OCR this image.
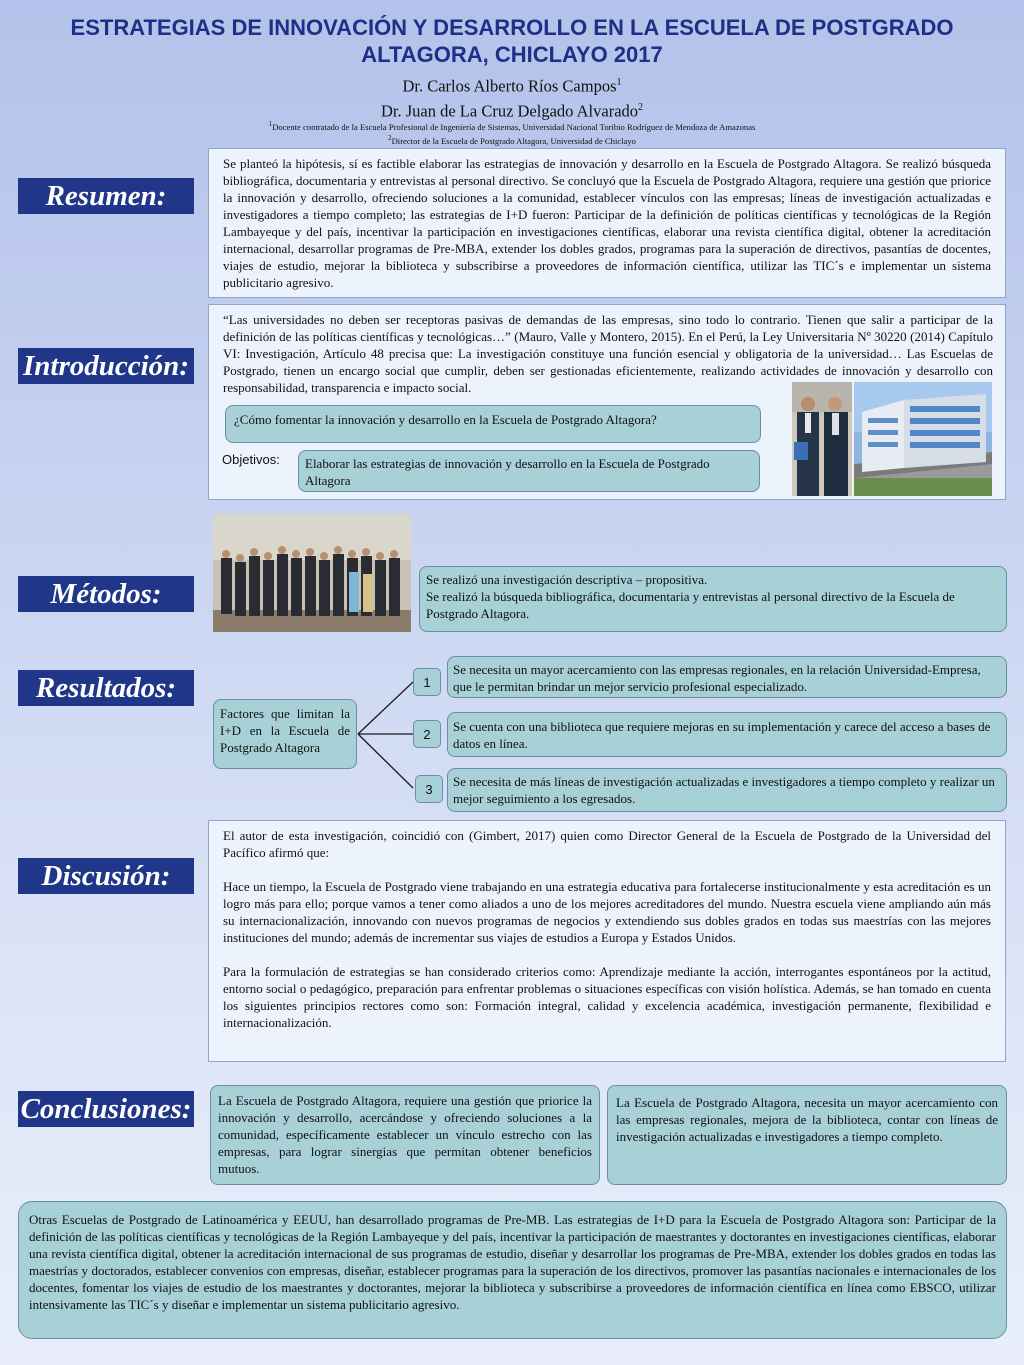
ESTRATEGIAS DE INNOVACIÓN Y DESARROLLO EN LA ESCUELA DE POSTGRADO ALTAGORA, CHICLAYO 2017
Dr. Carlos Alberto Ríos Campos$^1$
Dr. Juan de La Cruz Delgado Alvarado$^2$
$^1$Docente contratado de la Escuela Profesional de Ingeniería de Sistemas, Universidad Nacional Toribio Rodríguez de Mendoza de Amazonas
$^2$Director de la Escuela de Postgrado Altagora, Universidad de Chiclayo
Resumen:
Se planteó la hipótesis, sí es factible elaborar las estrategias de innovación y desarrollo en la Escuela de Postgrado Altagora. Se realizó búsqueda bibliográfica, documentaria y entrevistas al personal directivo. Se concluyó que la Escuela de Postgrado Altagora, requiere una gestión que priorice la innovación y desarrollo, ofreciendo soluciones a la comunidad, establecer vínculos con las empresas; líneas de investigación actualizadas e investigadores a tiempo completo; las estrategias de I+D fueron: Participar de la definición de políticas científicas y tecnológicas de la Región Lambayeque y del país, incentivar la participación en investigaciones científicas, elaborar una revista científica digital, obtener la acreditación internacional, desarrollar programas de Pre-MBA, extender los dobles grados, programas para la superación de directivos, pasantías de docentes, viajes de estudio, mejorar la biblioteca y subscribirse a proveedores de información científica, utilizar las TIC´s e implementar un sistema publicitario agresivo.
Introducción:
“Las universidades no deben ser receptoras pasivas de demandas de las empresas, sino todo lo contrario. Tienen que salir a participar de la definición de las políticas científicas y tecnológicas…” (Mauro, Valle y Montero, 2015). En el Perú, la Ley Universitaria Nº 30220 (2014) Capítulo VI: Investigación, Artículo 48 precisa que: La investigación constituye una función esencial y obligatoria de la universidad… Las Escuelas de Postgrado, tienen un encargo social que cumplir, deben ser gestionadas eficientemente, realizando actividades de innovación y desarrollo con responsabilidad, transparencia e impacto social.
¿Cómo fomentar la innovación y desarrollo en la Escuela de Postgrado Altagora?
Objetivos:	Elaborar las estrategias de innovación y desarrollo en la Escuela de Postgrado Altagora
Métodos:	Se realizó una investigación descriptiva – propositiva.
Se realizó la búsqueda bibliográfica, documentaria y entrevistas al personal directivo de la Escuela de Postgrado Altagora.
Resultados:
Factores que limitan la I+D en la Escuela de Postgrado Altagora
1
2
3
Se necesita un mayor acercamiento con las empresas regionales, en la relación Universidad-Empresa, que le permitan brindar un mejor servicio profesional especializado.
Se cuenta con una biblioteca que requiere mejoras en su implementación y carece del acceso a bases de datos en línea.
Se necesita de más líneas de investigación actualizadas e investigadores a tiempo completo y realizar un mejor seguimiento a los egresados.
Discusión:
El autor de esta investigación, coincidió con (Gimbert, 2017) quien como Director General de la Escuela de Postgrado de la Universidad del Pacífico afirmó que:
Hace un tiempo, la Escuela de Postgrado viene trabajando en una estrategia educativa para fortalecerse institucionalmente y esta acreditación es un logro más para ello; porque vamos a tener como aliados a uno de los mejores acreditadores del mundo. Nuestra escuela viene ampliando aún más su internacionalización, innovando con nuevos programas de negocios y extendiendo sus dobles grados en todas sus maestrías con las mejores instituciones del mundo; además de incrementar sus viajes de estudios a Europa y Estados Unidos.
Para la formulación de estrategias se han considerado criterios como: Aprendizaje mediante la acción, interrogantes espontáneos por la actitud, entorno social o pedagógico, preparación para enfrentar problemas o situaciones específicas con visión holística. Además, se han tomado en cuenta los siguientes principios rectores como son: Formación integral, calidad y excelencia académica, investigación permanente, flexibilidad e internacionalización.
Conclusiones:	La Escuela de Postgrado Altagora, requiere una gestión que priorice la innovación y desarrollo, acercándose y ofreciendo soluciones a la comunidad, específicamente establecer un vínculo estrecho con las empresas, para lograr sinergias que permitan obtener beneficios mutuos.
La Escuela de Postgrado Altagora, necesita un mayor acercamiento con las empresas regionales, mejora de la biblioteca, contar con líneas de investigación actualizadas e investigadores a tiempo completo.
Otras Escuelas de Postgrado de Latinoamérica y EEUU, han desarrollado programas de Pre-MB. Las estrategias de I+D para la Escuela de Postgrado Altagora son: Participar de la definición de las políticas científicas y tecnológicas de la Región Lambayeque y del país, incentivar la participación de maestrantes y doctorantes en investigaciones científicas, elaborar una revista científica digital, obtener la acreditación internacional de sus programas de estudio, diseñar y desarrollar los programas de Pre-MBA, extender los dobles grados en todas las maestrías y doctorados, establecer convenios con empresas, diseñar, establecer programas para la superación de los directivos, promover las pasantías nacionales e internacionales de los docentes, fomentar los viajes de estudio de los maestrantes y doctorantes, mejorar la biblioteca y subscribirse a proveedores de información científica en línea como EBSCO, utilizar intensivamente las TIC´s y diseñar e implementar un sistema publicitario agresivo.
